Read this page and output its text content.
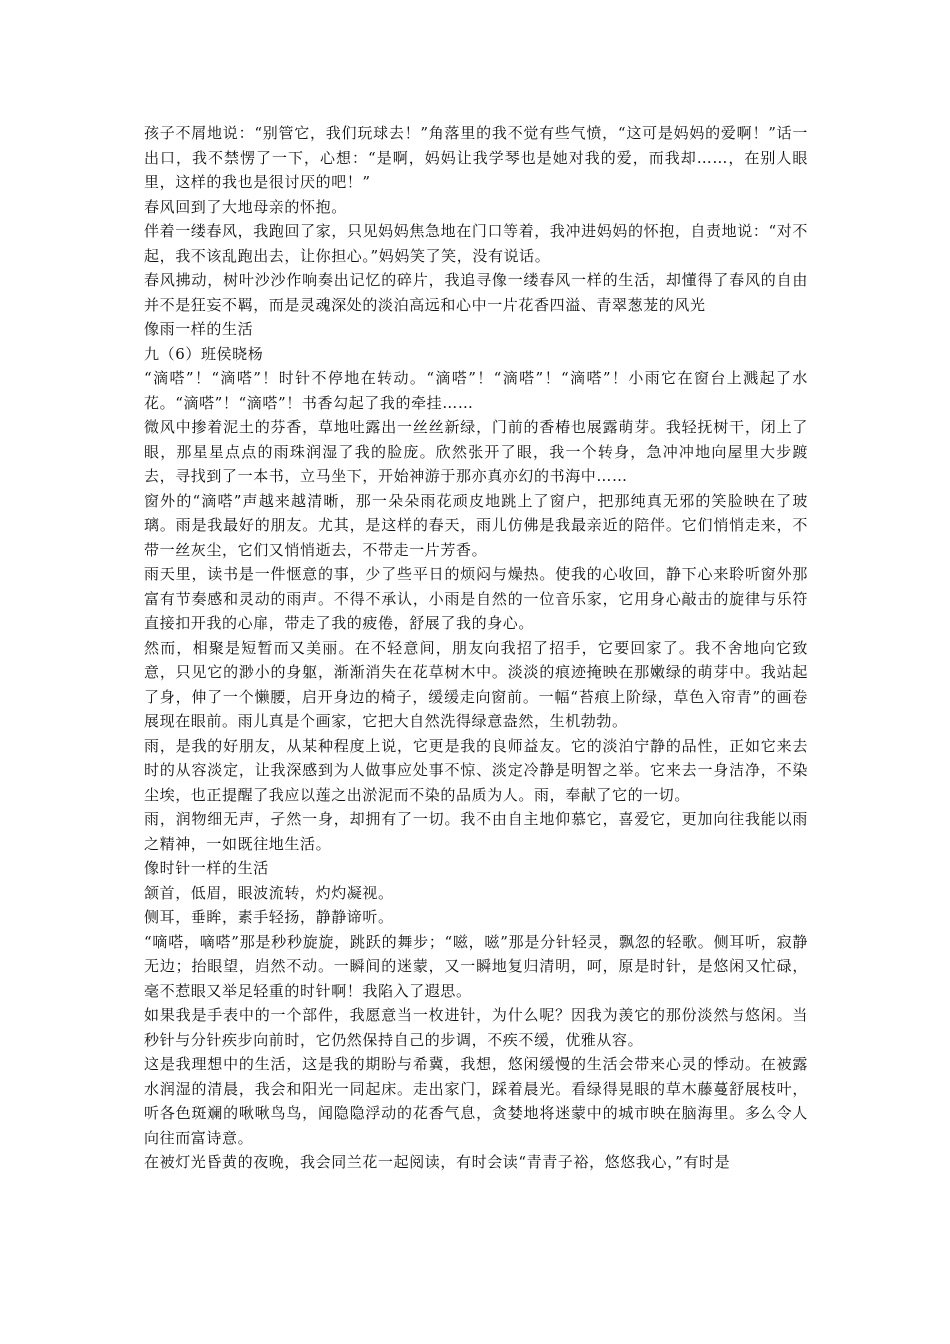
孩子不屑地说：“别管它，我们玩球去！”角落里的我不觉有些气愤，“这可是妈妈的爱啊！”话一出口，我不禁愣了一下，心想：“是啊，妈妈让我学琴也是她对我的爱，而我却……，在别人眼里，这样的我也是很讨厌的吧！”

春风回到了大地母亲的怀抱。

伴着一缕春风，我跑回了家，只见妈妈焦急地在门口等着，我冲进妈妈的怀抱，自责地说：“对不起，我不该乱跑出去，让你担心。”妈妈笑了笑，没有说话。

春风拂动，树叶沙沙作响奏出记忆的碎片，我追寻像一缕春风一样的生活，却懂得了春风的自由并不是狂妄不羁，而是灵魂深处的淡泊高远和心中一片花香四溢、青翠葱茏的风光

像雨一样的生活

九（6）班侯晓杨

“滴嗒”！“滴嗒”！时针不停地在转动。“滴嗒”！“滴嗒”！“滴嗒”！小雨它在窗台上溅起了水花。“滴嗒”！“滴嗒”！书香勾起了我的牵挂……

微风中掺着泥土的芬香，草地吐露出一丝丝新绿，门前的香椿也展露萌芽。我轻抚树干，闭上了眼，那星星点点的雨珠润湿了我的脸庞。欣然张开了眼，我一个转身，急冲冲地向屋里大步踱去，寻找到了一本书，立马坐下，开始神游于那亦真亦幻的书海中……

窗外的“滴嗒”声越来越清晰，那一朵朵雨花顽皮地跳上了窗户，把那纯真无邪的笑脸映在了玻璃。雨是我最好的朋友。尤其，是这样的春天，雨儿仿佛是我最亲近的陪伴。它们悄悄走来，不带一丝灰尘，它们又悄悄逝去，不带走一片芳香。

雨天里，读书是一件惬意的事，少了些平日的烦闷与燥热。使我的心收回，静下心来聆听窗外那富有节奏感和灵动的雨声。不得不承认，小雨是自然的一位音乐家，它用身心敲击的旋律与乐符直接扣开我的心扉，带走了我的疲倦，舒展了我的身心。

然而，相聚是短暂而又美丽。在不轻意间，朋友向我招了招手，它要回家了。我不舍地向它致意，只见它的渺小的身躯，渐渐消失在花草树木中。淡淡的痕迹掩映在那嫩绿的萌芽中。我站起了身，伸了一个懒腰，启开身边的椅子，缓缓走向窗前。一幅“苔痕上阶绿，草色入帘青”的画卷展现在眼前。雨儿真是个画家，它把大自然洗得绿意盎然，生机勃勃。

雨，是我的好朋友，从某种程度上说，它更是我的良师益友。它的淡泊宁静的品性，正如它来去时的从容淡定，让我深感到为人做事应处事不惊、淡定冷静是明智之举。它来去一身洁净，不染尘埃，也正提醒了我应以莲之出淤泥而不染的品质为人。雨，奉献了它的一切。

雨，润物细无声，孑然一身，却拥有了一切。我不由自主地仰慕它，喜爱它，更加向往我能以雨之精神，一如既往地生活。

像时针一样的生活

颔首，低眉，眼波流转，灼灼凝视。

侧耳，垂眸，素手轻扬，静静谛听。

“嘀嗒，嘀嗒”那是秒秒旋旋，跳跃的舞步；“嗞，嗞”那是分针轻灵，飘忽的轻歌。侧耳听，寂静无边；抬眼望，岿然不动。一瞬间的迷蒙，又一瞬地复归清明，呵，原是时针，是悠闲又忙碌，毫不惹眼又举足轻重的时针啊！我陷入了遐思。

如果我是手表中的一个部件，我愿意当一枚进针，为什么呢？因我为羡它的那份淡然与悠闲。当秒针与分针疾步向前时，它仍然保持自己的步调，不疾不缓，优雅从容。

这是我理想中的生活，这是我的期盼与希冀，我想，悠闲缓慢的生活会带来心灵的悸动。在被露水润湿的清晨，我会和阳光一同起床。走出家门，踩着晨光。看绿得晃眼的草木藤蔓舒展枝叶，听各色斑斓的啾啾鸟鸟，闻隐隐浮动的花香气息，贪婪地将迷蒙中的城市映在脑海里。多么令人向往而富诗意。

在被灯光昏黄的夜晚，我会同兰花一起阅读，有时会读“青青子裕，悠悠我心，”有时是
